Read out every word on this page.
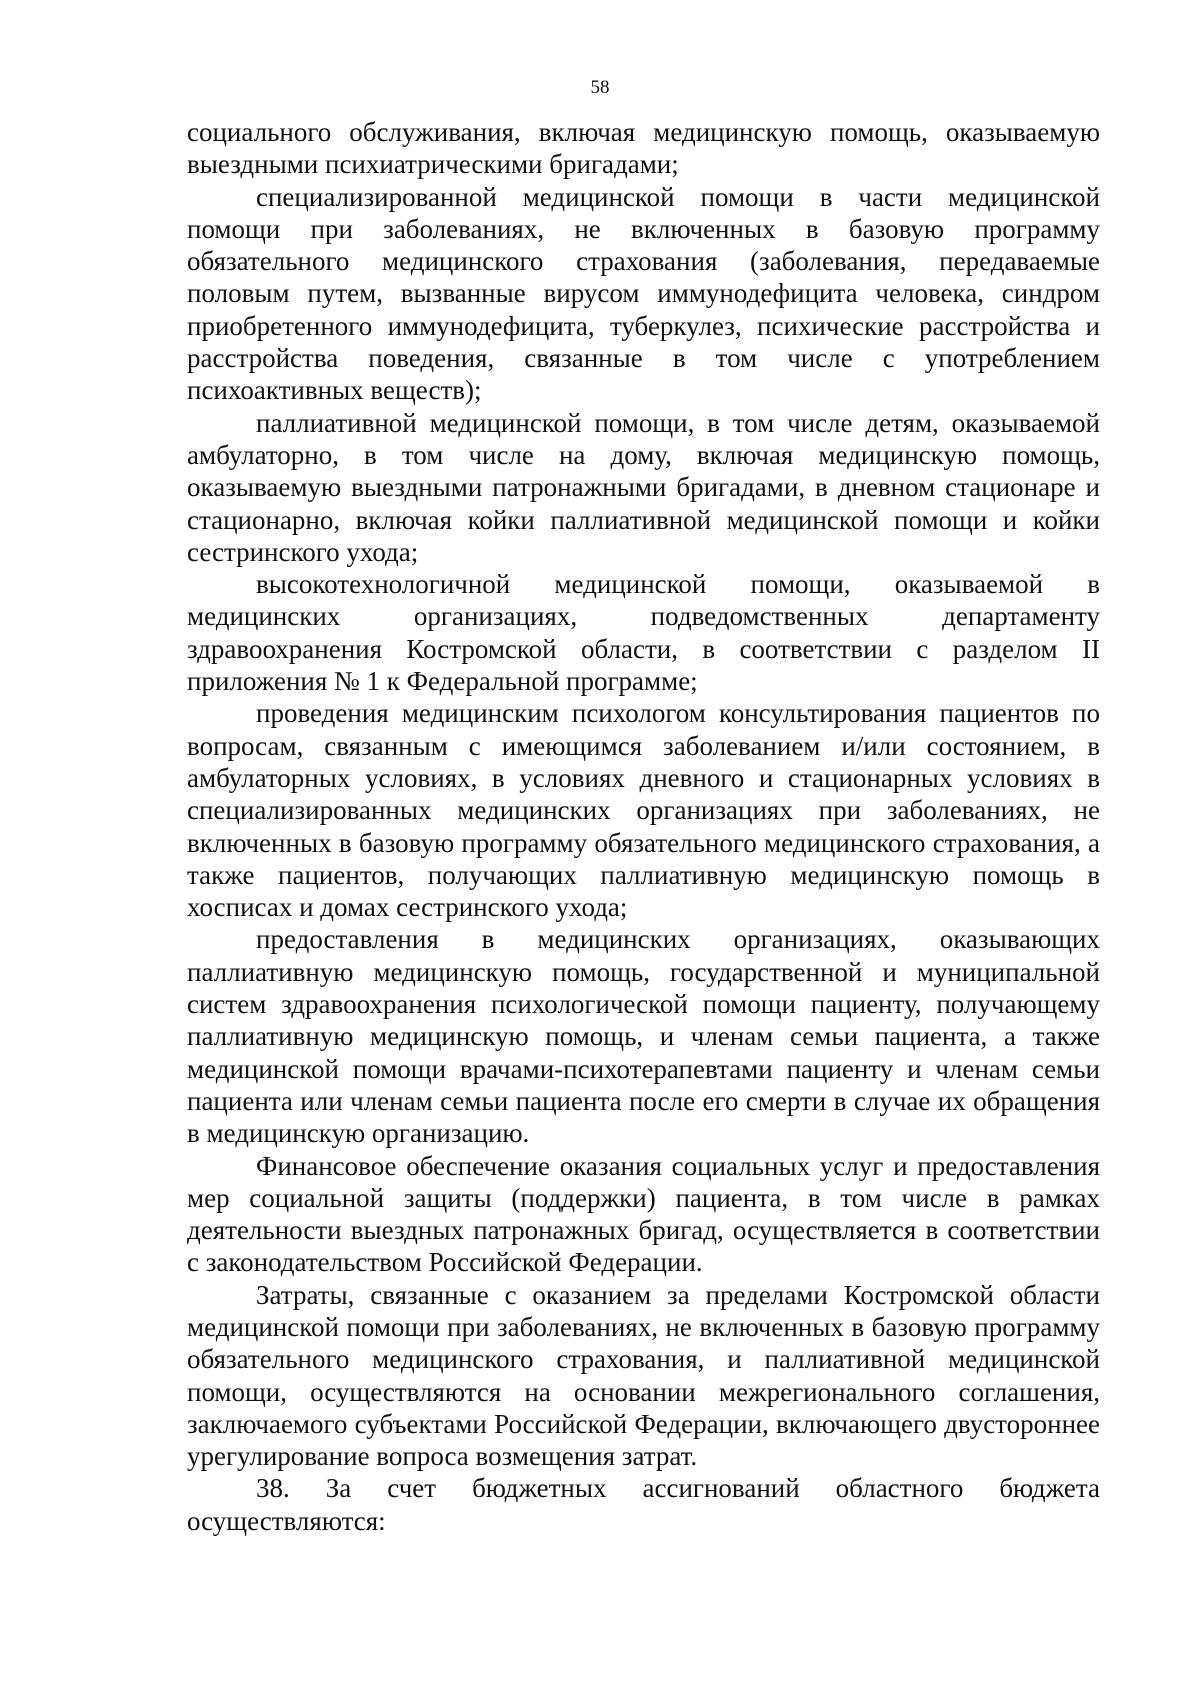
58

социального обслуживания, включая медицинскую помощь, оказываемую выездными психиатрическими бригадами;

специализированной медицинской помощи в части медицинской помощи при заболеваниях, не включенных в базовую программу обязательного медицинского страхования (заболевания, передаваемые половым путем, вызванные вирусом иммунодефицита человека, синдром приобретенного иммунодефицита, туберкулез, психические расстройства и расстройства поведения, связанные в том числе с употреблением психоактивных веществ);

паллиативной медицинской помощи, в том числе детям, оказываемой амбулаторно, в том числе на дому, включая медицинскую помощь, оказываемую выездными патронажными бригадами, в дневном стационаре и стационарно, включая койки паллиативной медицинской помощи и койки сестринского ухода;

высокотехнологичной медицинской помощи, оказываемой в медицинских организациях, подведомственных департаменту здравоохранения Костромской области, в соответствии с разделом II приложения № 1 к Федеральной программе;

проведения медицинским психологом консультирования пациентов по вопросам, связанным с имеющимся заболеванием и/или состоянием, в амбулаторных условиях, в условиях дневного и стационарных условиях в специализированных медицинских организациях при заболеваниях, не включенных в базовую программу обязательного медицинского страхования, а также пациентов, получающих паллиативную медицинскую помощь в хосписах и домах сестринского ухода;

предоставления в медицинских организациях, оказывающих паллиативную медицинскую помощь, государственной и муниципальной систем здравоохранения психологической помощи пациенту, получающему паллиативную медицинскую помощь, и членам семьи пациента, а также медицинской помощи врачами-психотерапевтами пациенту и членам семьи пациента или членам семьи пациента после его смерти в случае их обращения в медицинскую организацию.

Финансовое обеспечение оказания социальных услуг и предоставления мер социальной защиты (поддержки) пациента, в том числе в рамках деятельности выездных патронажных бригад, осуществляется в соответствии с законодательством Российской Федерации.

Затраты, связанные с оказанием за пределами Костромской области медицинской помощи при заболеваниях, не включенных в базовую программу обязательного медицинского страхования, и паллиативной медицинской помощи, осуществляются на основании межрегионального соглашения, заключаемого субъектами Российской Федерации, включающего двустороннее урегулирование вопроса возмещения затрат.

38. За счет бюджетных ассигнований областного бюджета осуществляются:
